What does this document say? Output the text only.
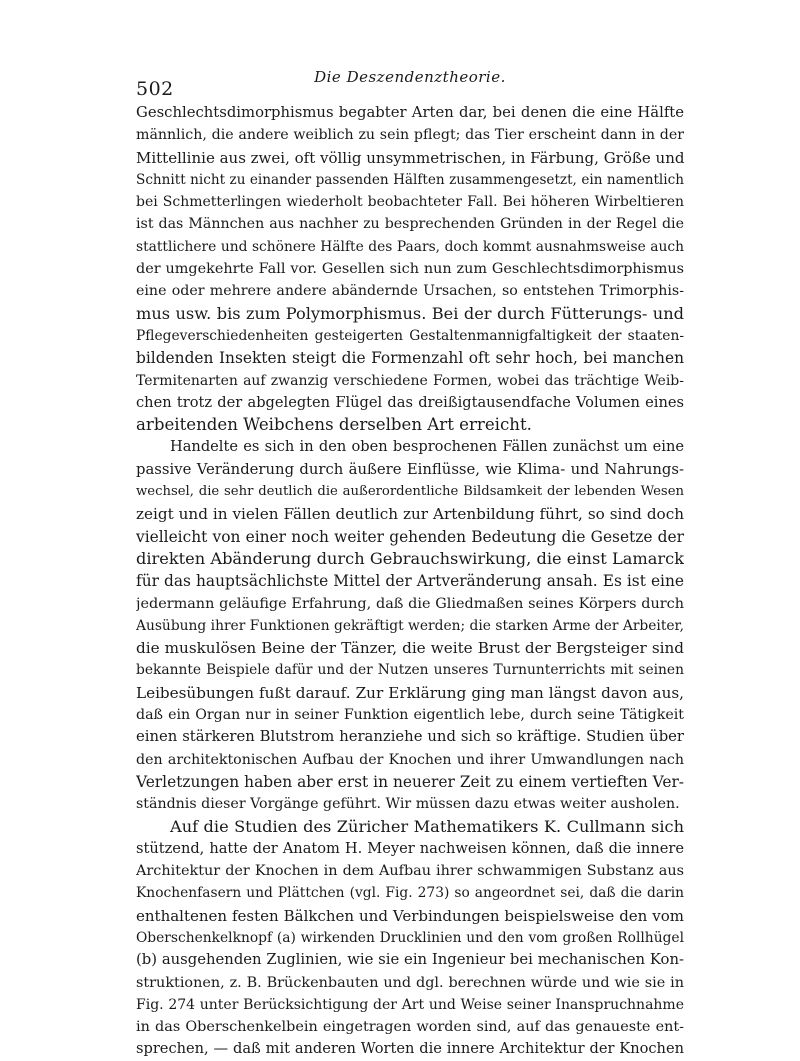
502
Die Deszendenztheorie.
Geschlechtsdimorphismus begabter Arten dar, bei denen die eine Hälfte
männlich, die andere weiblich zu sein pflegt; das Tier erscheint dann in der
Mittellinie aus zwei, oft völlig unsymmetrischen, in Färbung, Größe und
Schnitt nicht zu einander passenden Hälften zusammengesetzt, ein namentlich
bei Schmetterlingen wiederholt beobachteter Fall. Bei höheren Wirbeltieren
ist das Männchen aus nachher zu besprechenden Gründen in der Regel die
stattlichere und schönere Hälfte des Paars, doch kommt ausnahmsweise auch
der umgekehrte Fall vor. Gesellen sich nun zum Geschlechtsdimorphismus
eine oder mehrere andere abändernde Ursachen, so entstehen Trimorphis-
mus usw. bis zum Polymorphismus. Bei der durch Fütterungs- und
Pflegeverschiedenheiten gesteigerten Gestaltenmannigfaltigkeit der staaten-
bildenden Insekten steigt die Formenzahl oft sehr hoch, bei manchen
Termitenarten auf zwanzig verschiedene Formen, wobei das trächtige Weib-
chen trotz der abgelegten Flügel das dreißigtausendfache Volumen eines
arbeitenden Weibchens derselben Art erreicht.
Handelte es sich in den oben besprochenen Fällen zunächst um eine
passive Veränderung durch äußere Einflüsse, wie Klima- und Nahrungs-
wechsel, die sehr deutlich die außerordentliche Bildsamkeit der lebenden Wesen
zeigt und in vielen Fällen deutlich zur Artenbildung führt, so sind doch
vielleicht von einer noch weiter gehenden Bedeutung die Gesetze der
direkten Abänderung durch Gebrauchswirkung, die einst Lamarck
für das hauptsächlichste Mittel der Artveränderung ansah. Es ist eine
jedermann geläufige Erfahrung, daß die Gliedmaßen seines Körpers durch
Ausübung ihrer Funktionen gekräftigt werden; die starken Arme der Arbeiter,
die muskulösen Beine der Tänzer, die weite Brust der Bergsteiger sind
bekannte Beispiele dafür und der Nutzen unseres Turnunterrichts mit seinen
Leibesübungen fußt darauf. Zur Erklärung ging man längst davon aus,
daß ein Organ nur in seiner Funktion eigentlich lebe, durch seine Tätigkeit
einen stärkeren Blutstrom heranziehe und sich so kräftige. Studien über
den architektonischen Aufbau der Knochen und ihrer Umwandlungen nach
Verletzungen haben aber erst in neuerer Zeit zu einem vertieften Ver-
ständnis dieser Vorgänge geführt. Wir müssen dazu etwas weiter ausholen.
Auf die Studien des Züricher Mathematikers K. Cullmann sich
stützend, hatte der Anatom H. Meyer nachweisen können, daß die innere
Architektur der Knochen in dem Aufbau ihrer schwammigen Substanz aus
Knochenfasern und Plättchen (vgl. Fig. 273) so angeordnet sei, daß die darin
enthaltenen festen Bälkchen und Verbindungen beispielsweise den vom
Oberschenkelknopf (a) wirkenden Drucklinien und den vom großen Rollhügel
(b) ausgehenden Zuglinien, wie sie ein Ingenieur bei mechanischen Kon-
struktionen, z. B. Brückenbauten und dgl. berechnen würde und wie sie in
Fig. 274 unter Berücksichtigung der Art und Weise seiner Inanspruchnahme
in das Oberschenkelbein eingetragen worden sind, auf das genaueste ent-
sprechen, — daß mit anderen Worten die innere Architektur der Knochen
